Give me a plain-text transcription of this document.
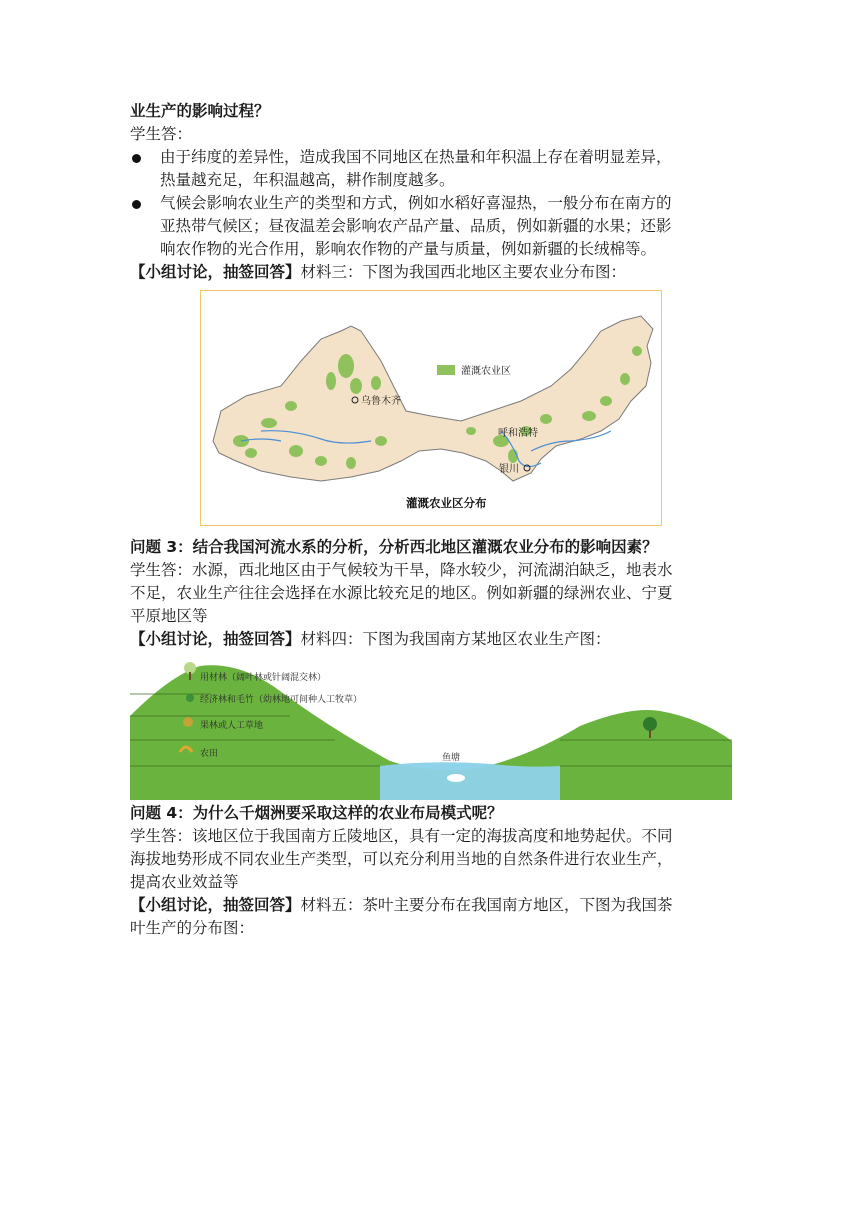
业生产的影响过程？
学生答：
由于纬度的差异性，造成我国不同地区在热量和年积温上存在着明显差异，
热量越充足，年积温越高，耕作制度越多。
气候会影响农业生产的类型和方式，例如水稻好喜湿热，一般分布在南方的
亚热带气候区；昼夜温差会影响农产品产量、品质，例如新疆的水果；还影
响农作物的光合作用，影响农作物的产量与质量，例如新疆的长绒棉等。
【小组讨论，抽签回答】材料三：下图为我国西北地区主要农业分布图：
灌溉农业区
乌鲁木齐
呼和浩特
银川
灌溉农业区分布
问题 3：结合我国河流水系的分析，分析西北地区灌溉农业分布的影响因素？
学生答：水源，西北地区由于气候较为干旱，降水较少，河流湖泊缺乏，地表水
不足，农业生产往往会选择在水源比较充足的地区。例如新疆的绿洲农业、宁夏
平原地区等
【小组讨论，抽签回答】材料四：下图为我国南方某地区农业生产图：
用材林（阔叶林或针阔混交林）
经济林和毛竹（幼林地可间种人工牧草）
果林或人工草地
农田	鱼塘
问题 4：为什么千烟洲要采取这样的农业布局模式呢？
学生答：该地区位于我国南方丘陵地区，具有一定的海拔高度和地势起伏。不同
海拔地势形成不同农业生产类型，可以充分利用当地的自然条件进行农业生产，
提高农业效益等
【小组讨论，抽签回答】材料五：茶叶主要分布在我国南方地区，下图为我国茶
叶生产的分布图：
